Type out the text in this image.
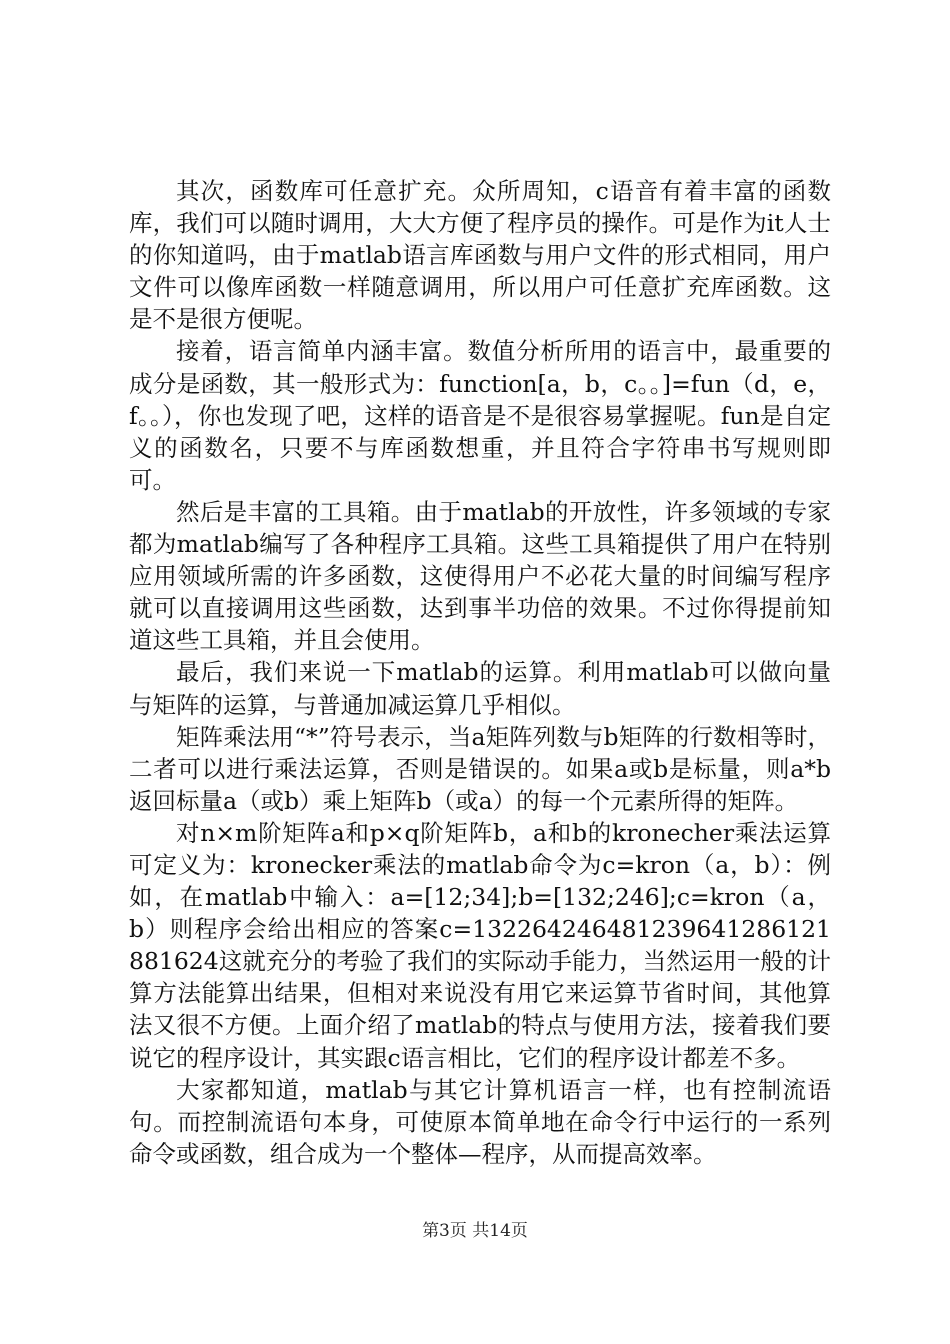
其次，函数库可任意扩充。众所周知，c语音有着丰富的函数库，我们可以随时调用，大大方便了程序员的操作。可是作为it人士的你知道吗，由于matlab语言库函数与用户文件的形式相同，用户文件可以像库函数一样随意调用，所以用户可任意扩充库函数。这是不是很方便呢。

接着，语言简单内涵丰富。数值分析所用的语言中，最重要的成分是函数，其一般形式为：function[a，b，c。。]=fun（d，e，f。。），你也发现了吧，这样的语音是不是很容易掌握呢。fun是自定义的函数名，只要不与库函数想重，并且符合字符串书写规则即可。

然后是丰富的工具箱。由于matlab的开放性，许多领域的专家都为matlab编写了各种程序工具箱。这些工具箱提供了用户在特别应用领域所需的许多函数，这使得用户不必花大量的时间编写程序就可以直接调用这些函数，达到事半功倍的效果。不过你得提前知道这些工具箱，并且会使用。

最后，我们来说一下matlab的运算。利用matlab可以做向量与矩阵的运算，与普通加减运算几乎相似。

矩阵乘法用“*”符号表示，当a矩阵列数与b矩阵的行数相等时，二者可以进行乘法运算，否则是错误的。如果a或b是标量，则a*b返回标量a（或b）乘上矩阵b（或a）的每一个元素所得的矩阵。

对n×m阶矩阵a和p×q阶矩阵b，a和b的kronecher乘法运算可定义为：kronecker乘法的matlab命令为c=kron（a，b）：例如，在matlab中输入：a=[12;34];b=[132;246];c=kron（a，b）则程序会给出相应的答案c=13226424648123964128612188162​4这就充分的考验了我们的实际动手能力，当然运用一般的计算方法能算出结果，但相对来说没有用它来运算节省时间，其他算法又很不方便。上面介绍了matlab的特点与使用方法，接着我们要说它的程序设计，其实跟c语言相比，它们的程序设计都差不多。

大家都知道，matlab与其它计算机语言一样，也有控制流语句。而控制流语句本身，可使原本简单地在命令行中运行的一系列命令或函数，组合成为一个整体—程序，从而提高效率。

第3页 共14页
